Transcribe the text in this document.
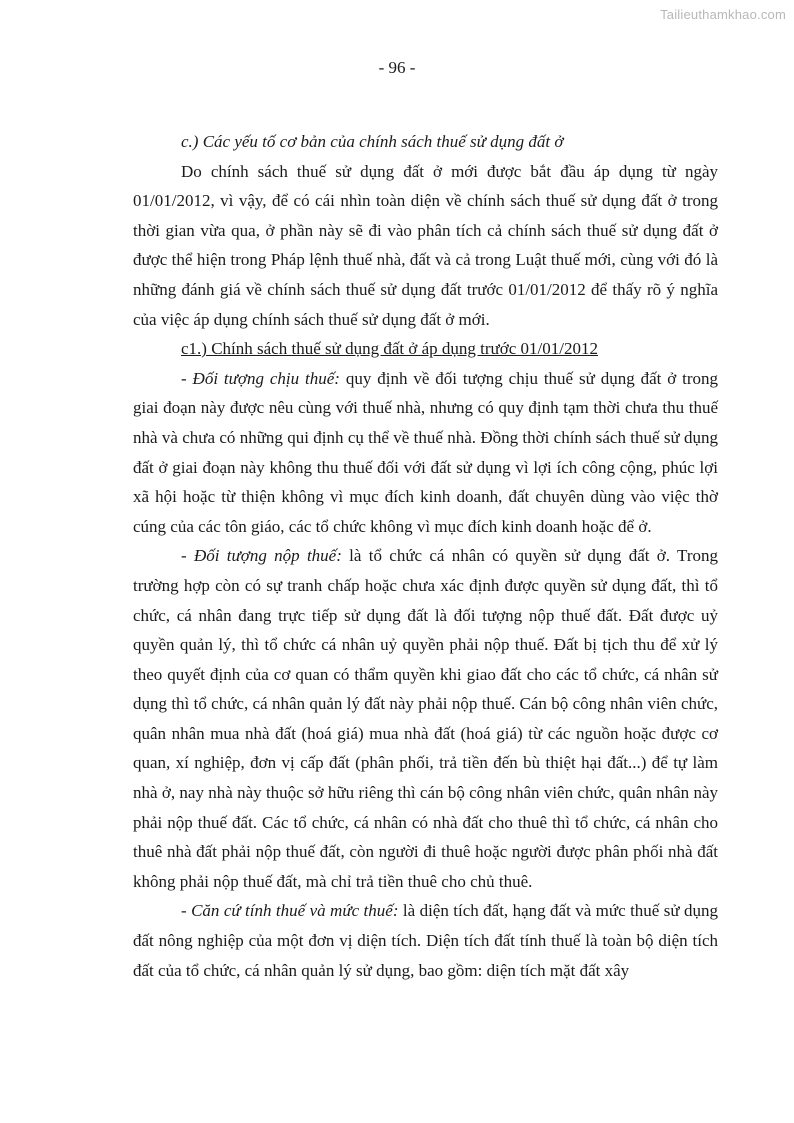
Tailieuthamkhao.com
- 96 -

c.) Các yếu tố cơ bản của chính sách thuế sử dụng đất ở

Do chính sách thuế sử dụng đất ở mới được bắt đầu áp dụng từ ngày 01/01/2012, vì vậy, để có cái nhìn toàn diện về chính sách thuế sử dụng đất ở trong thời gian vừa qua, ở phần này sẽ đi vào phân tích cả chính sách thuế sử dụng đất ở được thể hiện trong Pháp lệnh thuế nhà, đất và cả trong Luật thuế mới, cùng với đó là những đánh giá về chính sách thuế sử dụng đất trước 01/01/2012 để thấy rõ ý nghĩa của việc áp dụng chính sách thuế sử dụng đất ở mới.

c1.) Chính sách thuế sử dụng đất ở áp dụng trước 01/01/2012

- Đối tượng chịu thuế: quy định về đối tượng chịu thuế sử dụng đất ở trong giai đoạn này được nêu cùng với thuế nhà, nhưng có quy định tạm thời chưa thu thuế nhà và chưa có những qui định cụ thể về thuế nhà. Đồng thời chính sách thuế sử dụng đất ở giai đoạn này không thu thuế đối với đất sử dụng vì lợi ích công cộng, phúc lợi xã hội hoặc từ thiện không vì mục đích kinh doanh, đất chuyên dùng vào việc thờ cúng của các tôn giáo, các tổ chức không vì mục đích kinh doanh hoặc để ở.

- Đối tượng nộp thuế: là tổ chức cá nhân có quyền sử dụng đất ở. Trong trường hợp còn có sự tranh chấp hoặc chưa xác định được quyền sử dụng đất, thì tổ chức, cá nhân đang trực tiếp sử dụng đất là đối tượng nộp thuế đất. Đất được uỷ quyền quản lý, thì tổ chức cá nhân uỷ quyền phải nộp thuế. Đất bị tịch thu để xử lý theo quyết định của cơ quan có thẩm quyền khi giao đất cho các tổ chức, cá nhân sử dụng thì tổ chức, cá nhân quản lý đất này phải nộp thuế. Cán bộ công nhân viên chức, quân nhân mua nhà đất (hoá giá) mua nhà đất (hoá giá) từ các nguồn hoặc được cơ quan, xí nghiệp, đơn vị cấp đất (phân phối, trả tiền đến bù thiệt hại đất...) để tự làm nhà ở, nay nhà này thuộc sở hữu riêng thì cán bộ công nhân viên chức, quân nhân này phải nộp thuế đất. Các tổ chức, cá nhân có nhà đất cho thuê thì tổ chức, cá nhân cho thuê nhà đất phải nộp thuế đất, còn người đi thuê hoặc người được phân phối nhà đất không phải nộp thuế đất, mà chỉ trả tiền thuê cho chủ thuê.

- Căn cứ tính thuế và mức thuế: là diện tích đất, hạng đất và mức thuế sử dụng đất nông nghiệp của một đơn vị diện tích. Diện tích đất tính thuế là toàn bộ diện tích đất của tổ chức, cá nhân quản lý sử dụng, bao gồm: diện tích mặt đất xây
